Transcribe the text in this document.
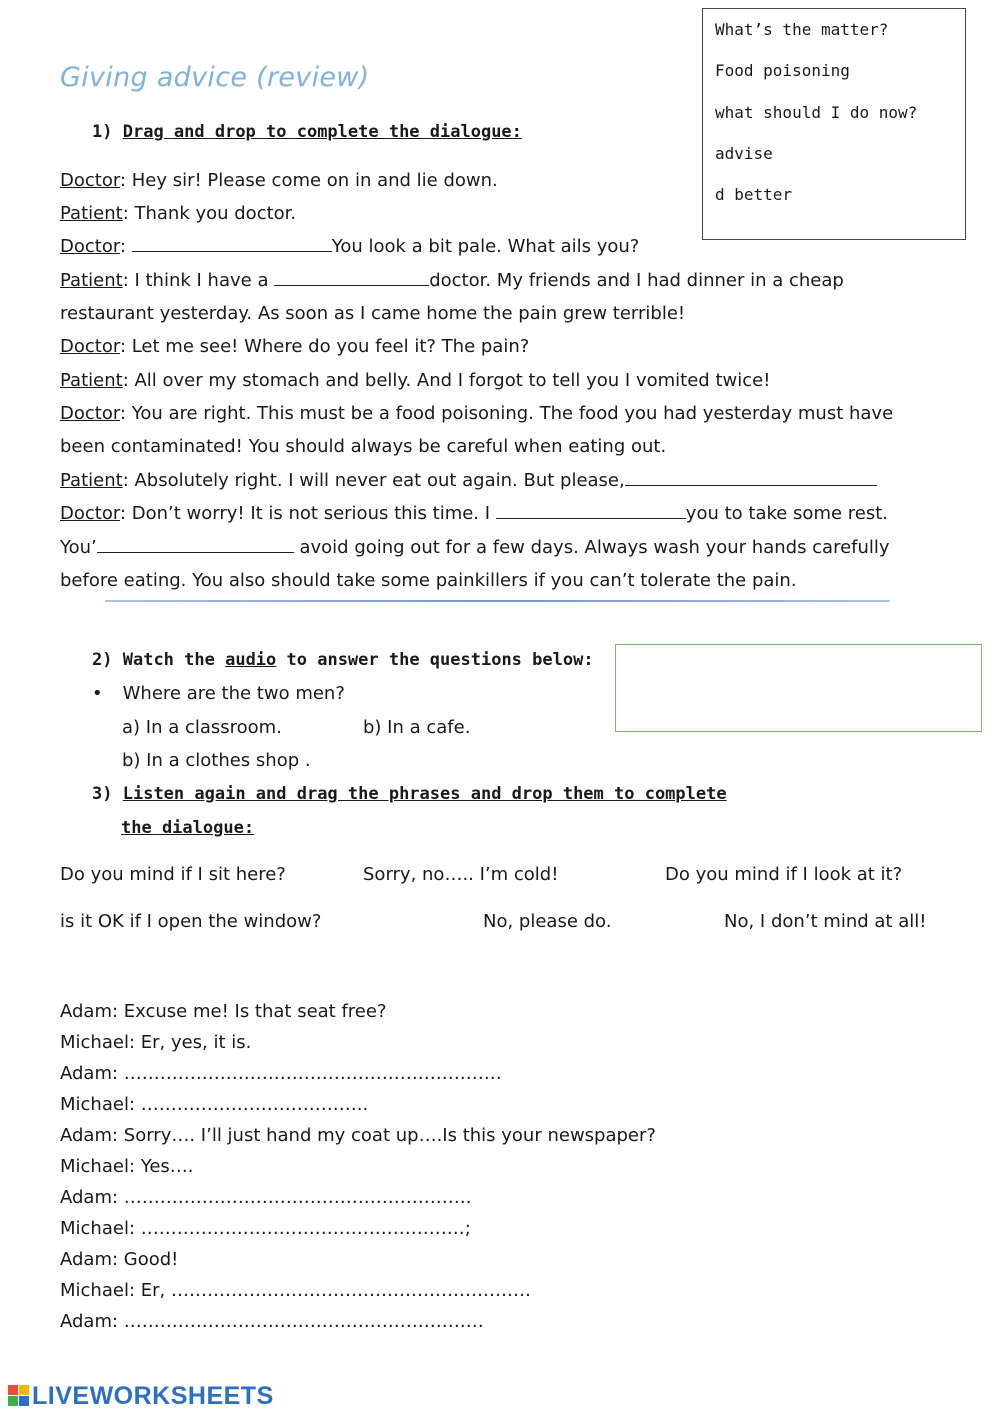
Giving advice (review)
What’s the matter?
Food poisoning
what should I do now?
advise
d better
1) Drag and drop to complete the dialogue:
Doctor: Hey sir! Please come on in and lie down.
Patient: Thank you doctor.
Doctor:	You look a bit pale. What ails you?
Patient: I think I have a	doctor. My friends and I had dinner in a cheap
restaurant yesterday. As soon as I came home the pain grew terrible!
Doctor: Let me see! Where do you feel it? The pain?
Patient: All over my stomach and belly. And I forgot to tell you I vomited twice!
Doctor: You are right. This must be a food poisoning. The food you had yesterday must have
been contaminated! You should always be careful when eating out.
Patient: Absolutely right. I will never eat out again. But please,
Doctor: Don’t worry! It is not serious this time. I	you to take some rest.
You’	avoid going out for a few days. Always wash your hands carefully
before eating. You also should take some painkillers if you can’t tolerate the pain.
2) Watch the audio to answer the questions below:
• Where are the two men?
a) In a classroom.	b) In a cafe.
b) In a clothes shop .
3) Listen again and drag the phrases and drop them to complete
the dialogue:
Do you mind if I sit here?	Sorry, no….. I’m cold!	Do you mind if I look at it?
is it OK if I open the window?	No, please do.	No, I don’t mind at all!
Adam: Excuse me! Is that seat free?
Michael: Er, yes, it is.
Adam: ………………………………………………………
Michael: ………………………………..
Adam: Sorry…. I’ll just hand my coat up….Is this your newspaper?
Michael: Yes….
Adam: ………………………………………………….
Michael: ………………………………………………;
Adam: Good!
Michael: Er, ……………………………………………………
Adam: ……………………………………………………
LIVEWORKSHEETS
